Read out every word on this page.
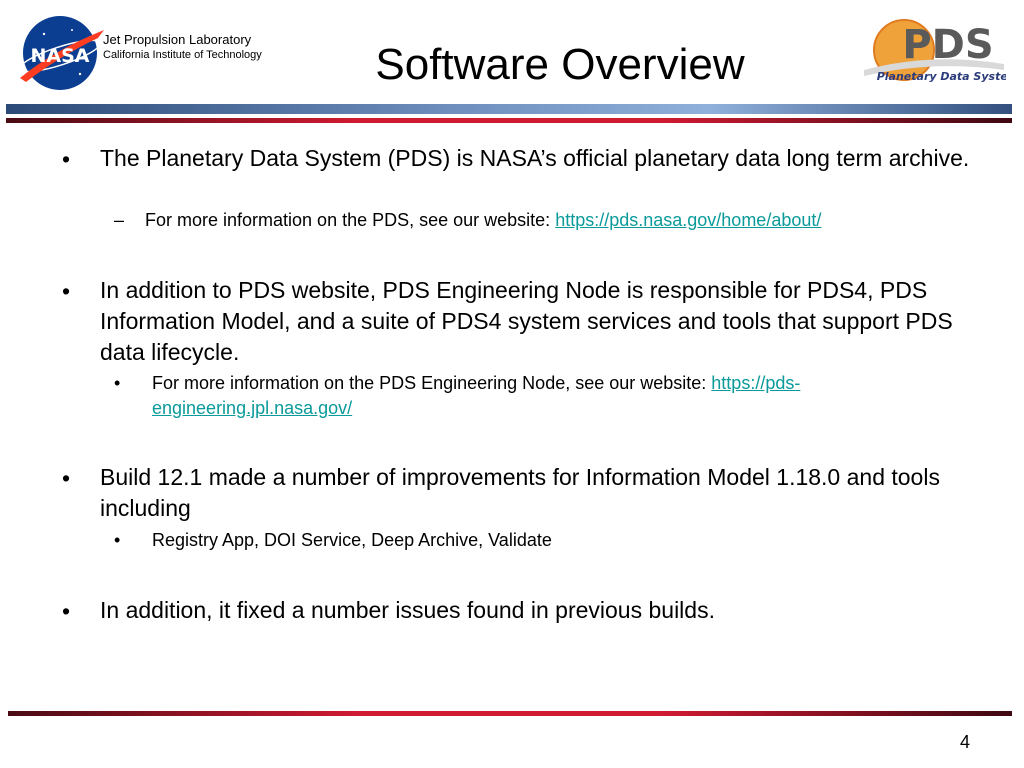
NASA
Jet Propulsion Laboratory
California Institute of Technology	Software Overview	PDS
Planetary Data System
• The Planetary Data System (PDS) is NASA’s official planetary data long term archive.
– For more information on the PDS, see our website: https://pds.nasa.gov/home/about/
• In addition to PDS website, PDS Engineering Node is responsible for PDS4, PDS Information Model, and a suite of PDS4 system services and tools that support PDS data lifecycle.
• For more information on the PDS Engineering Node, see our website: https://pds-engineering.jpl.nasa.gov/
• Build 12.1 made a number of improvements for Information Model 1.18.0 and tools including
• Registry App, DOI Service, Deep Archive, Validate
• In addition, it fixed a number issues found in previous builds.
4
